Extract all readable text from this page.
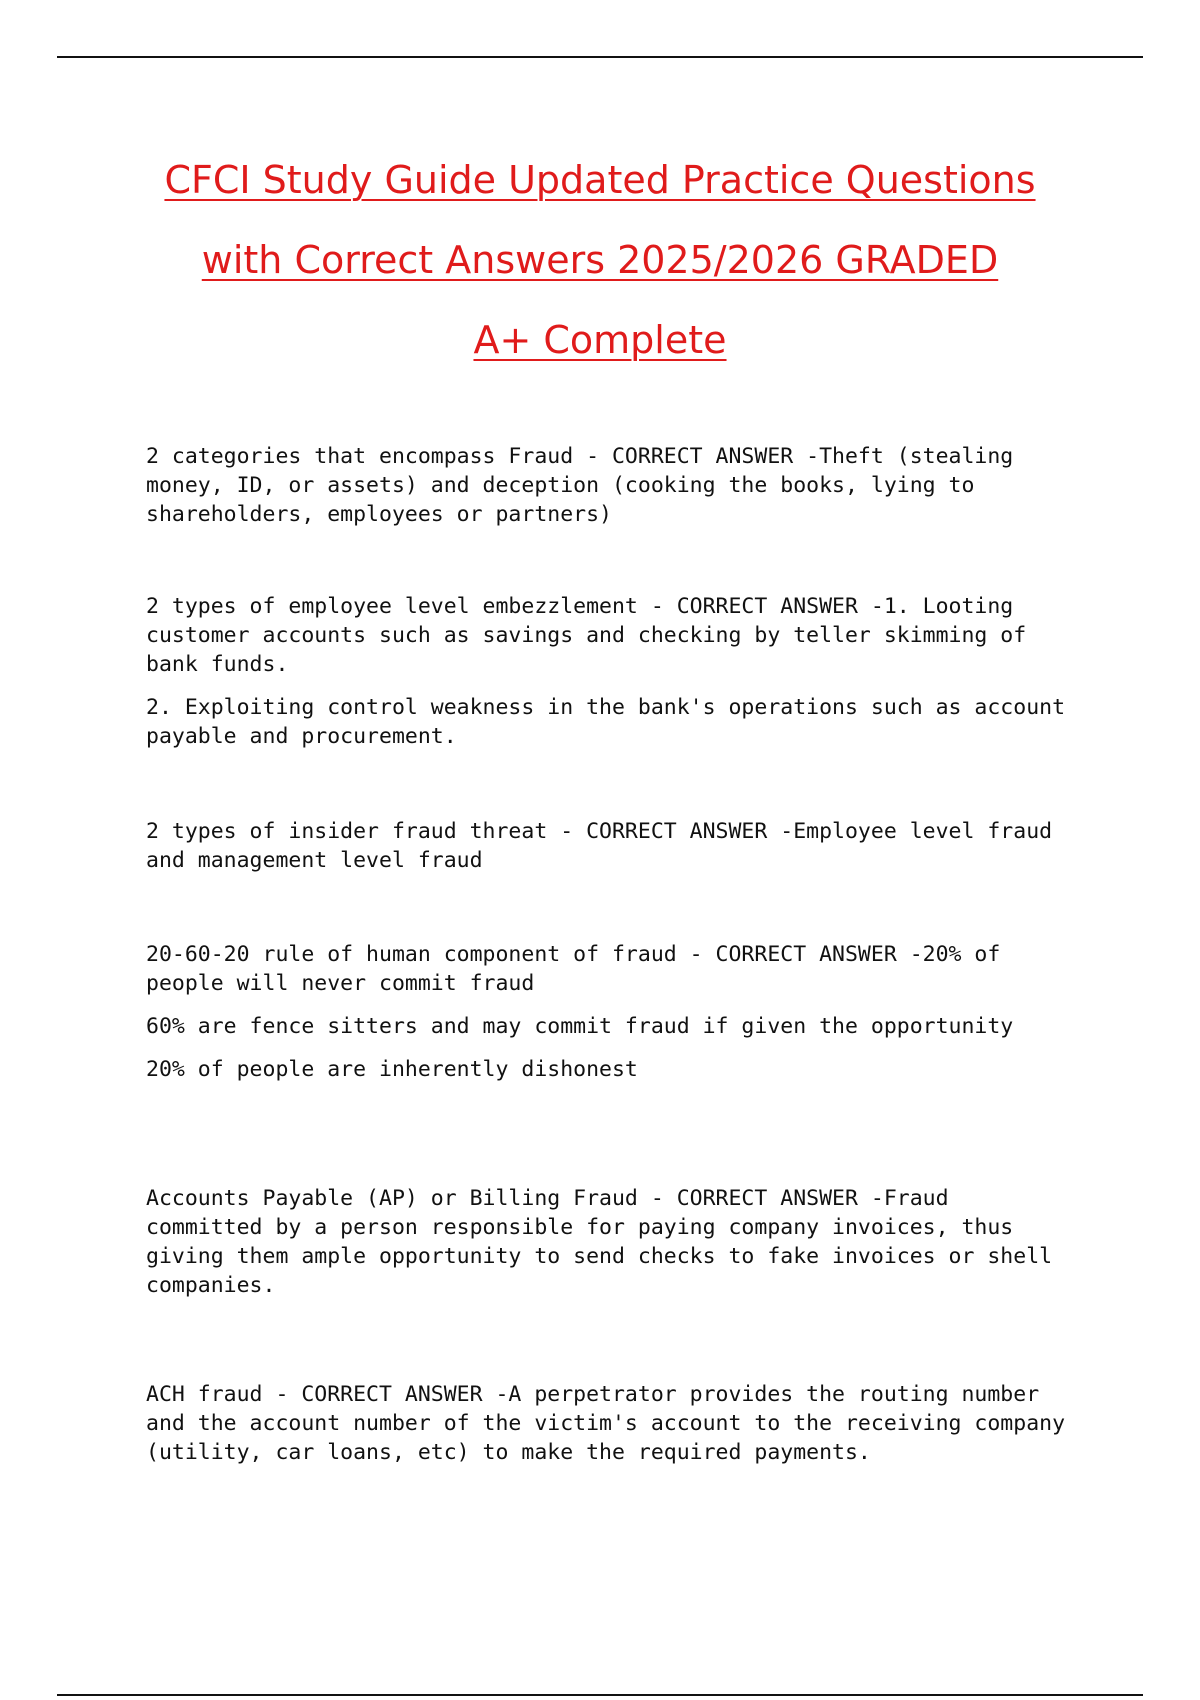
CFCI Study Guide Updated Practice Questions
with Correct Answers 2025/2026 GRADED
A+ Complete

2 categories that encompass Fraud - CORRECT ANSWER -Theft (stealing money, ID, or assets) and deception (cooking the books, lying to shareholders, employees or partners)

2 types of employee level embezzlement - CORRECT ANSWER -1. Looting customer accounts such as savings and checking by teller skimming of bank funds.

2. Exploiting control weakness in the bank's operations such as account payable and procurement.

2 types of insider fraud threat - CORRECT ANSWER -Employee level fraud and management level fraud

20-60-20 rule of human component of fraud - CORRECT ANSWER -20% of people will never commit fraud

60% are fence sitters and may commit fraud if given the opportunity

20% of people are inherently dishonest

Accounts Payable (AP) or Billing Fraud - CORRECT ANSWER -Fraud committed by a person responsible for paying company invoices, thus giving them ample opportunity to send checks to fake invoices or shell companies.

ACH fraud - CORRECT ANSWER -A perpetrator provides the routing number and the account number of the victim's account to the receiving company (utility, car loans, etc) to make the required payments.
